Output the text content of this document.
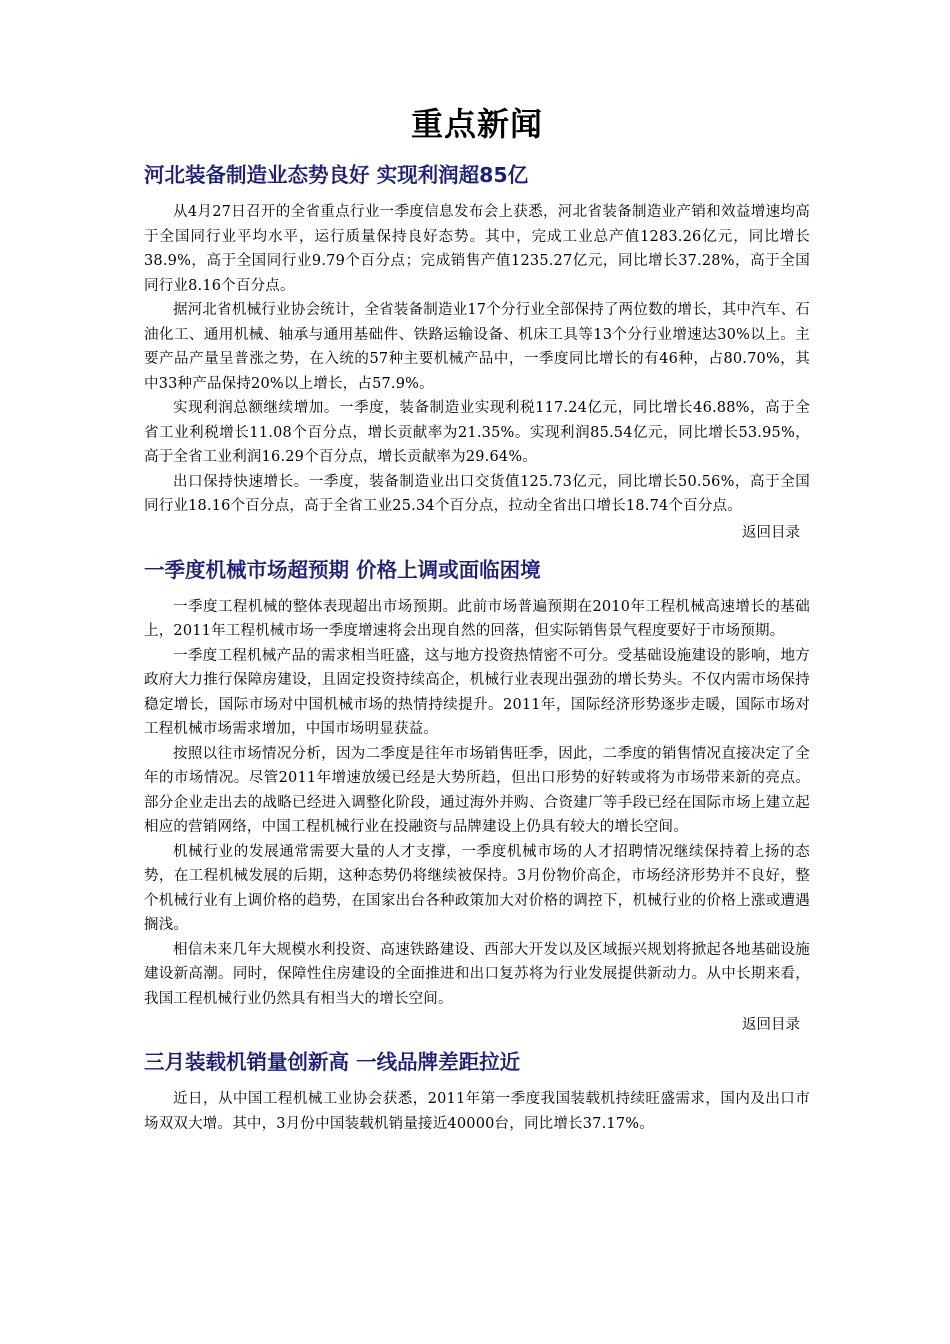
重点新闻
河北装备制造业态势良好 实现利润超85亿

从4月27日召开的全省重点行业一季度信息发布会上获悉，河北省装备制造业产销和效益增速均高于全国同行业平均水平，运行质量保持良好态势。其中，完成工业总产值1283.26亿元，同比增长38.9%，高于全国同行业9.79个百分点；完成销售产值1235.27亿元，同比增长37.28%，高于全国同行业8.16个百分点。

据河北省机械行业协会统计，全省装备制造业17个分行业全部保持了两位数的增长，其中汽车、石油化工、通用机械、轴承与通用基础件、铁路运输设备、机床工具等13个分行业增速达30%以上。主要产品产量呈普涨之势，在入统的57种主要机械产品中，一季度同比增长的有46种，占80.70%，其中33种产品保持20%以上增长，占57.9%。

实现利润总额继续增加。一季度，装备制造业实现利税117.24亿元，同比增长46.88%，高于全省工业利税增长11.08个百分点，增长贡献率为21.35%。实现利润85.54亿元，同比增长53.95%，高于全省工业利润16.29个百分点，增长贡献率为29.64%。

出口保持快速增长。一季度，装备制造业出口交货值125.73亿元，同比增长50.56%，高于全国同行业18.16个百分点，高于全省工业25.34个百分点，拉动全省出口增长18.74个百分点。

返回目录
一季度机械市场超预期 价格上调或面临困境

一季度工程机械的整体表现超出市场预期。此前市场普遍预期在2010年工程机械高速增长的基础上，2011年工程机械市场一季度增速将会出现自然的回落，但实际销售景气程度要好于市场预期。

一季度工程机械产品的需求相当旺盛，这与地方投资热情密不可分。受基础设施建设的影响，地方政府大力推行保障房建设，且固定投资持续高企，机械行业表现出强劲的增长势头。不仅内需市场保持稳定增长，国际市场对中国机械市场的热情持续提升。2011年，国际经济形势逐步走暖，国际市场对工程机械市场需求增加，中国市场明显获益。

按照以往市场情况分析，因为二季度是往年市场销售旺季，因此，二季度的销售情况直接决定了全年的市场情况。尽管2011年增速放缓已经是大势所趋，但出口形势的好转或将为市场带来新的亮点。部分企业走出去的战略已经进入调整化阶段，通过海外并购、合资建厂等手段已经在国际市场上建立起相应的营销网络，中国工程机械行业在投融资与品牌建设上仍具有较大的增长空间。

机械行业的发展通常需要大量的人才支撑，一季度机械市场的人才招聘情况继续保持着上扬的态势，在工程机械发展的后期，这种态势仍将继续被保持。3月份物价高企，市场经济形势并不良好，整个机械行业有上调价格的趋势，在国家出台各种政策加大对价格的调控下，机械行业的价格上涨或遭遇搁浅。

相信未来几年大规模水利投资、高速铁路建设、西部大开发以及区域振兴规划将掀起各地基础设施建设新高潮。同时，保障性住房建设的全面推进和出口复苏将为行业发展提供新动力。从中长期来看，我国工程机械行业仍然具有相当大的增长空间。

返回目录
三月装载机销量创新高 一线品牌差距拉近

近日，从中国工程机械工业协会获悉，2011年第一季度我国装载机持续旺盛需求，国内及出口市场双双大增。其中，3月份中国装载机销量接近40000台，同比增长37.17%。
